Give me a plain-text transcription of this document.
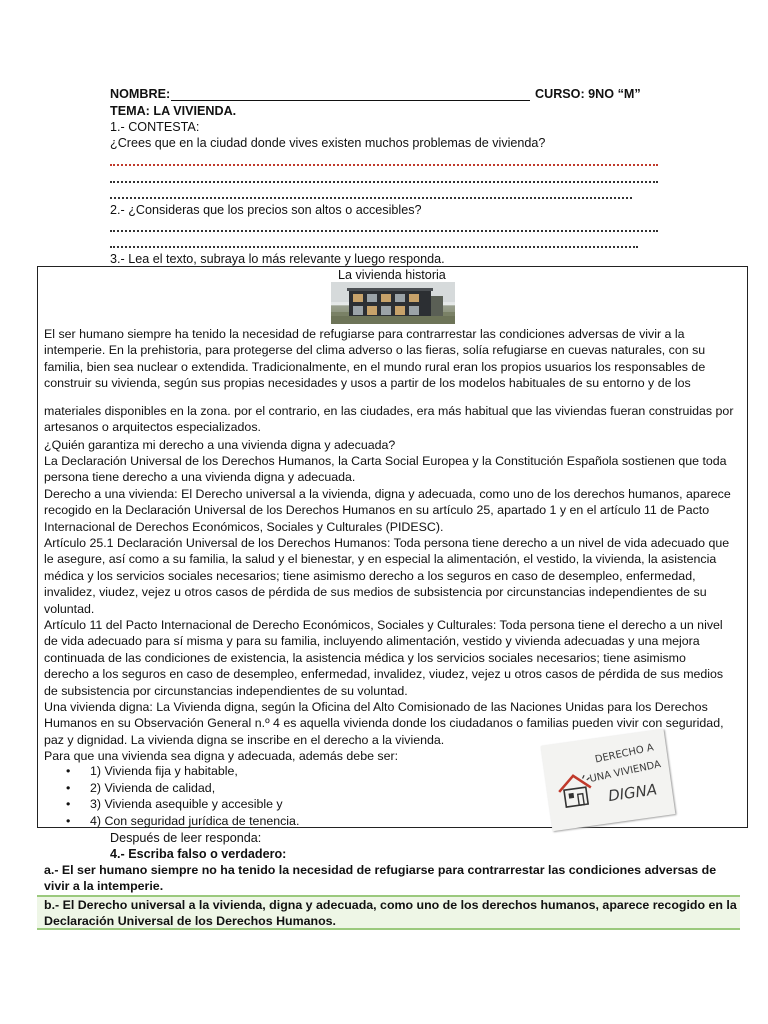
NOMBRE:	CURSO: 9NO “M”
TEMA: LA VIVIENDA.
1.- CONTESTA:
¿Crees que en la ciudad donde vives existen muchos problemas de vivienda?
2.- ¿Consideras que los precios son altos o accesibles?
3.- Lea el texto, subraya lo más relevante y luego responda.
La vivienda historia
El ser humano siempre ha tenido la necesidad de refugiarse para contrarrestar las condiciones adversas de vivir a la intemperie. En la prehistoria, para protegerse del clima adverso o las fieras, solía refugiarse en cuevas naturales, con su familia, bien sea nuclear o extendida. Tradicionalmente, en el mundo rural eran los propios usuarios los responsables de construir su vivienda, según sus propias necesidades y usos a partir de los modelos habituales de su entorno y de los
materiales disponibles en la zona. por el contrario, en las ciudades, era más habitual que las viviendas fueran construidas por artesanos o arquitectos especializados.
¿Quién garantiza mi derecho a una vivienda digna y adecuada?
La Declaración Universal de los Derechos Humanos, la Carta Social Europea y la Constitución Española sostienen que toda persona tiene derecho a una vivienda digna y adecuada.
Derecho a una vivienda: El Derecho universal a la vivienda, digna y adecuada, como uno de los derechos humanos, aparece recogido en la Declaración Universal de los Derechos Humanos en su artículo 25, apartado 1 y en el artículo 11 de Pacto Internacional de Derechos Económicos, Sociales y Culturales (PIDESC).
Artículo 25.1 Declaración Universal de los Derechos Humanos: Toda persona tiene derecho a un nivel de vida adecuado que le asegure, así como a su familia, la salud y el bienestar, y en especial la alimentación, el vestido, la vivienda, la asistencia médica y los servicios sociales necesarios; tiene asimismo derecho a los seguros en caso de desempleo, enfermedad, invalidez, viudez, vejez u otros casos de pérdida de sus medios de subsistencia por circunstancias independientes de su voluntad.
Artículo 11 del Pacto Internacional de Derecho Económicos, Sociales y Culturales: Toda persona tiene el derecho a un nivel de vida adecuado para sí misma y para su familia, incluyendo alimentación, vestido y vivienda adecuadas y una mejora continuada de las condiciones de existencia, la asistencia médica y los servicios sociales necesarios; tiene asimismo derecho a los seguros en caso de desempleo, enfermedad, invalidez, viudez, vejez u otros casos de pérdida de sus medios de subsistencia por circunstancias independientes de su voluntad.
Una vivienda digna: La Vivienda digna, según la Oficina del Alto Comisionado de las Naciones Unidas para los Derechos Humanos en su Observación General n.º 4 es aquella vivienda donde los ciudadanos o familias pueden vivir con seguridad, paz y dignidad. La vivienda digna se inscribe en el derecho a la vivienda.
Para que una vivienda sea digna y adecuada, además debe ser:
• 1) Vivienda fija y habitable,
• 2) Vivienda de calidad,
• 3) Vivienda asequible y accesible y
• 4) Con seguridad jurídica de tenencia.
DERECHO A
UNA VIVIENDA
DIGNA
Después de leer responda:
4.- Escriba falso o verdadero:
a.- El ser humano siempre no ha tenido la necesidad de refugiarse para contrarrestar las condiciones adversas de vivir a la intemperie.
b.- El Derecho universal a la vivienda, digna y adecuada, como uno de los derechos humanos, aparece recogido en la Declaración Universal de los Derechos Humanos.
